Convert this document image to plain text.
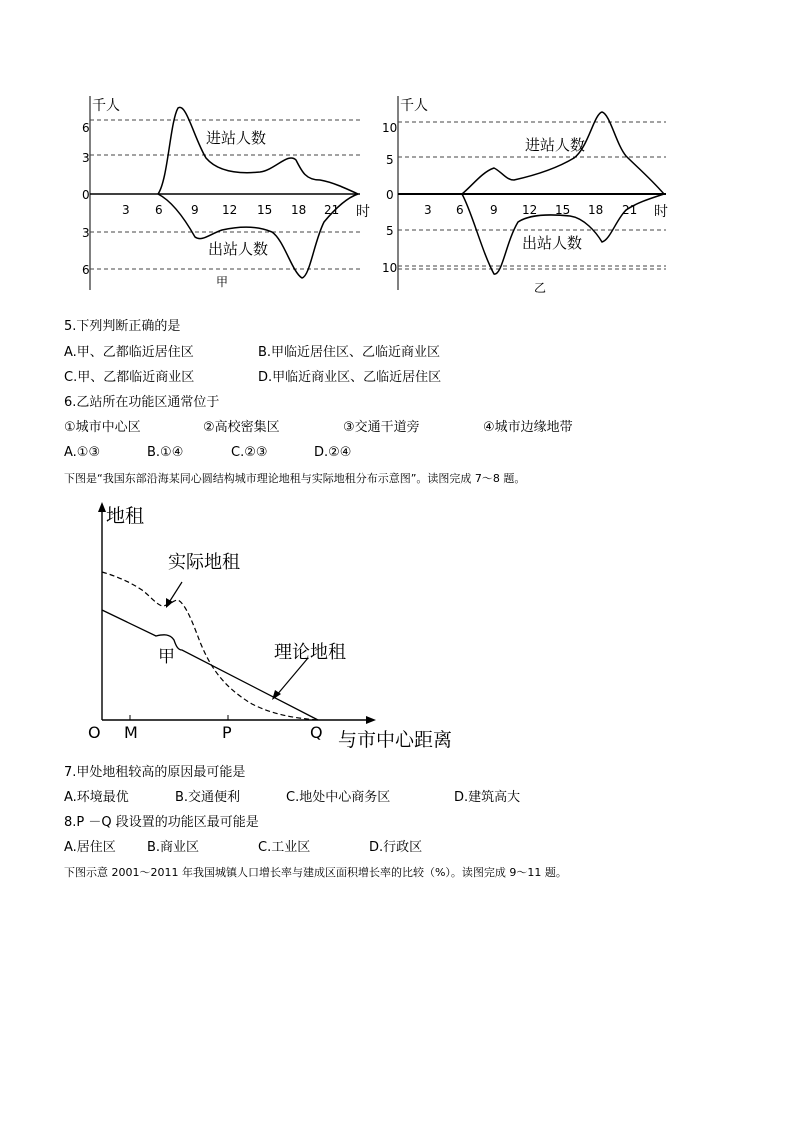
千人
6
3
0
3
6
3 6 9 12 15 18 21 时
进站人数
出站人数
甲
千人
10
5
0
5
10
3 6 9 12 15 18 21 时
进站人数
出站人数
乙
5.下列判断正确的是
A.甲、乙都临近居住区	B.甲临近居住区、乙临近商业区
C.甲、乙都临近商业区	D.甲临近商业区、乙临近居住区
6.乙站所在功能区通常位于
①城市中心区	②高校密集区	③交通干道旁	④城市边缘地带
A.①③	B.①④	C.②③	D.②④
下图是“我国东部沿海某同心圆结构城市理论地租与实际地租分布示意图”。读图完成 7～8 题。
地租
与市中心距离
实际地租
理论地租
甲
O M	P	Q
7.甲处地租较高的原因最可能是
A.环境最优	B.交通便利	C.地处中心商务区	D.建筑高大
8.P －Q 段设置的功能区最可能是
A.居住区 B.商业区	C.工业区	D.行政区
下图示意 2001～2011 年我国城镇人口增长率与建成区面积增长率的比较（%）。读图完成 9～11 题。
